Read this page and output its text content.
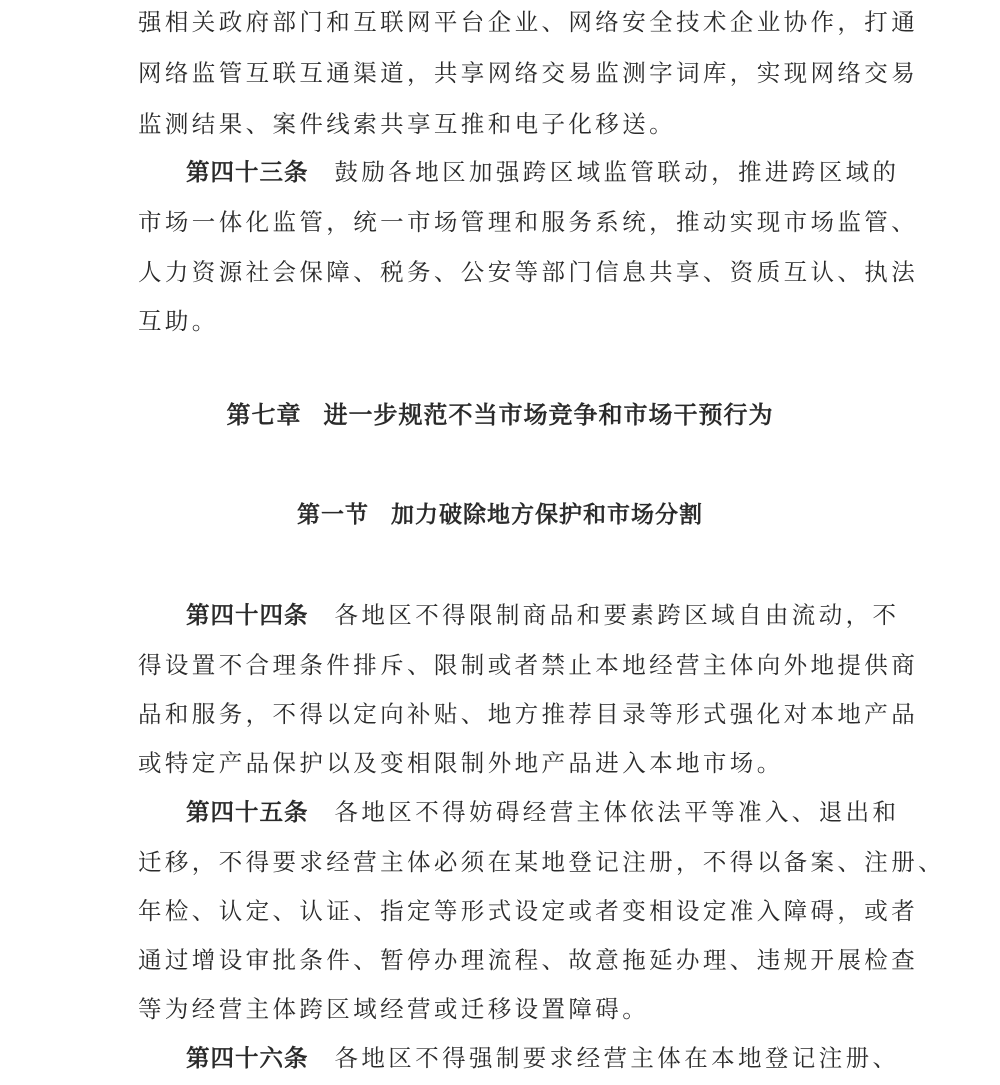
强相关政府部门和互联网平台企业、网络安全技术企业协作，打通
网络监管互联互通渠道，共享网络交易监测字词库，实现网络交易
监测结果、案件线索共享互推和电子化移送。
第四十三条 鼓励各地区加强跨区域监管联动，推进跨区域的
市场一体化监管，统一市场管理和服务系统，推动实现市场监管、
人力资源社会保障、税务、公安等部门信息共享、资质互认、执法
互助。
第七章 进一步规范不当市场竞争和市场干预行为
第一节 加力破除地方保护和市场分割
第四十四条 各地区不得限制商品和要素跨区域自由流动，不
得设置不合理条件排斥、限制或者禁止本地经营主体向外地提供商
品和服务，不得以定向补贴、地方推荐目录等形式强化对本地产品
或特定产品保护以及变相限制外地产品进入本地市场。
第四十五条 各地区不得妨碍经营主体依法平等准入、退出和
迁移，不得要求经营主体必须在某地登记注册，不得以备案、注册、
年检、认定、认证、指定等形式设定或者变相设定准入障碍，或者
通过增设审批条件、暂停办理流程、故意拖延办理、违规开展检查
等为经营主体跨区域经营或迁移设置障碍。
第四十六条 各地区不得强制要求经营主体在本地登记注册、
